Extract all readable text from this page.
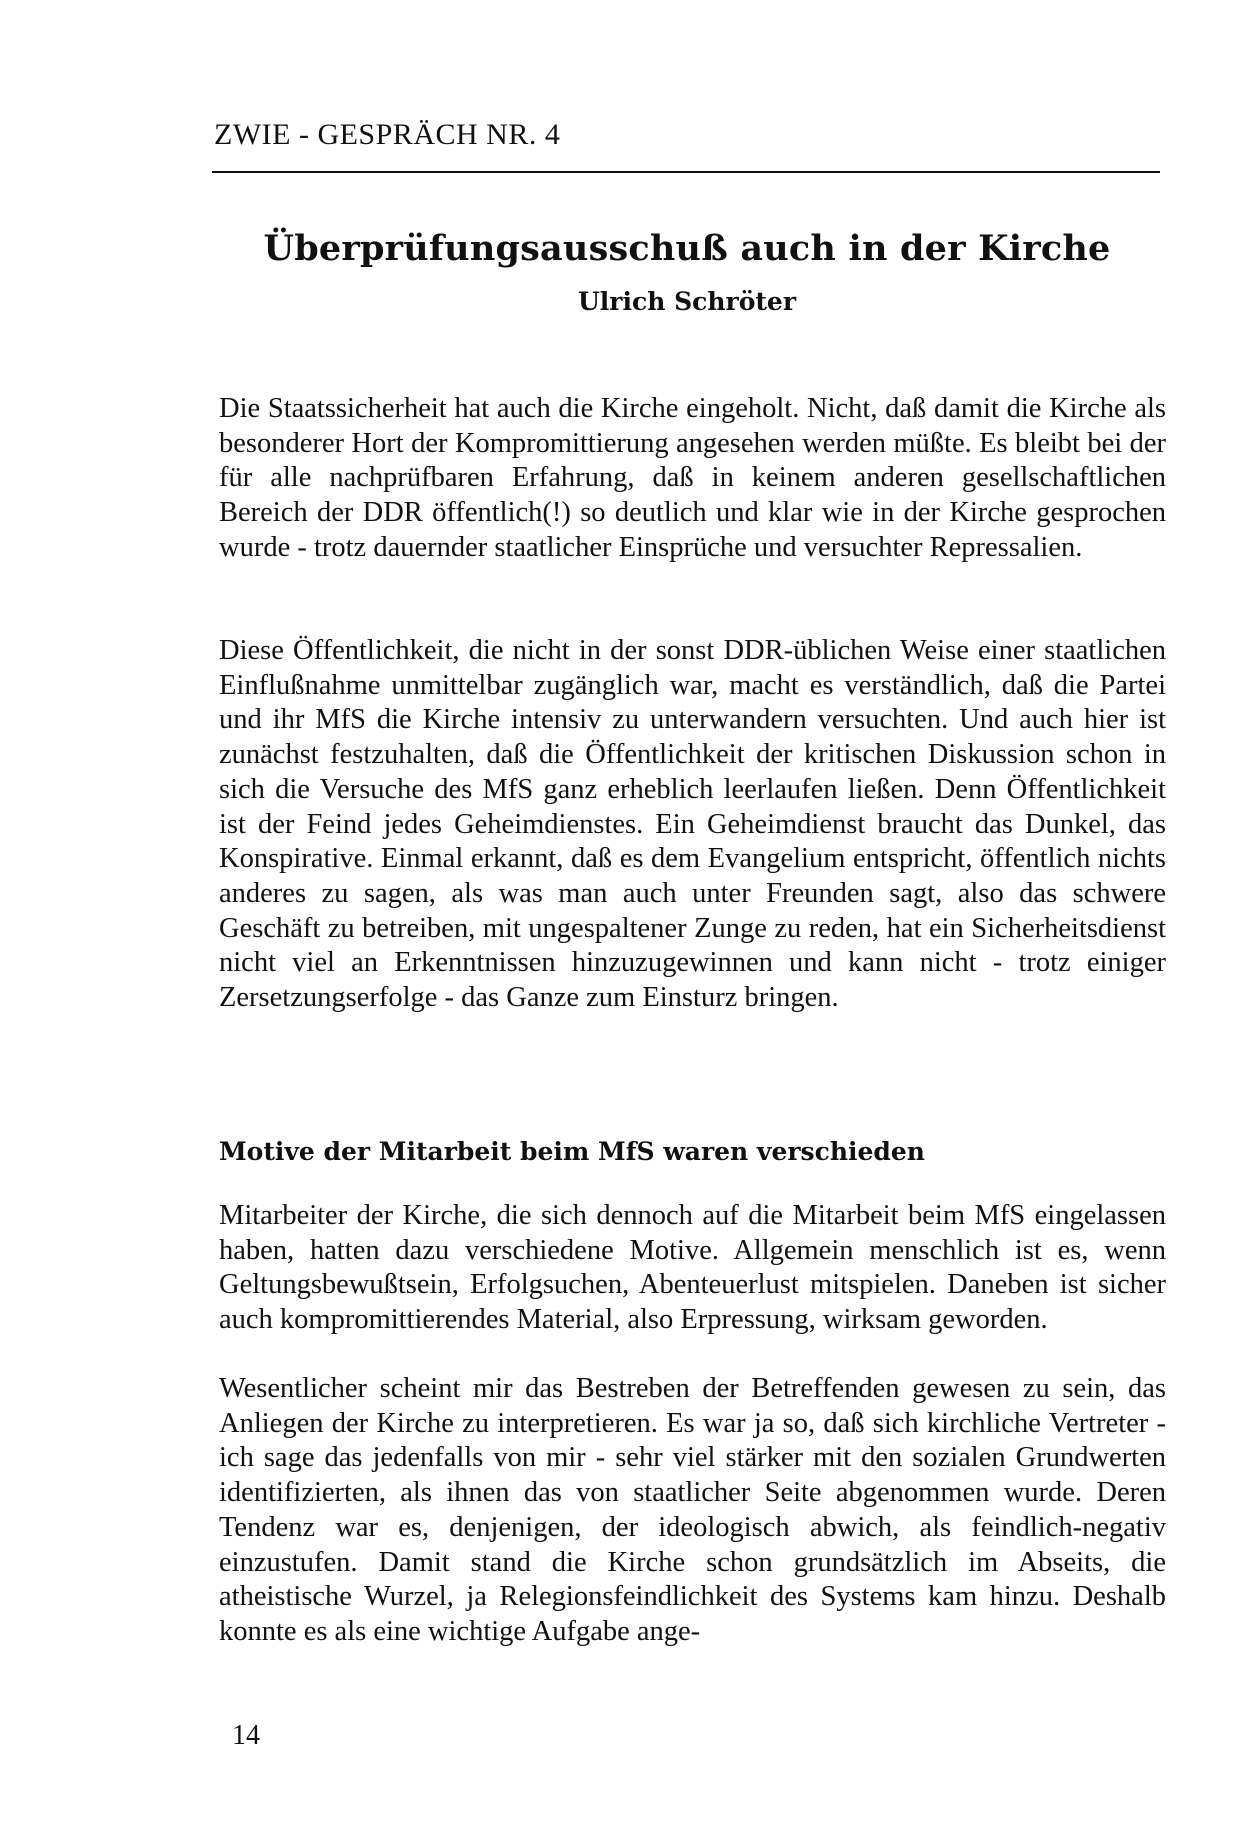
ZWIE - GESPRÄCH NR. 4
Überprüfungsausschuß auch in der Kirche
Ulrich Schröter

Die Staatssicherheit hat auch die Kirche eingeholt. Nicht, daß damit die Kirche als besonderer Hort der Kompromittierung angesehen werden müßte. Es bleibt bei der für alle nachprüfbaren Erfahrung, daß in keinem anderen gesellschaftlichen Bereich der DDR öffentlich(!) so deutlich und klar wie in der Kirche gesprochen wurde - trotz dauernder staatlicher Einsprüche und versuchter Repressalien.

Diese Öffentlichkeit, die nicht in der sonst DDR-üblichen Weise einer staatlichen Einflußnahme unmittelbar zugänglich war, macht es verständlich, daß die Partei und ihr MfS die Kirche intensiv zu unterwandern versuchten. Und auch hier ist zunächst festzuhalten, daß die Öffentlichkeit der kritischen Diskussion schon in sich die Versuche des MfS ganz erheblich leerlaufen ließen. Denn Öffentlichkeit ist der Feind jedes Geheimdienstes. Ein Geheimdienst braucht das Dunkel, das Konspirative. Einmal erkannt, daß es dem Evangelium entspricht, öffentlich nichts anderes zu sagen, als was man auch unter Freunden sagt, also das schwere Geschäft zu betreiben, mit ungespaltener Zunge zu reden, hat ein Sicherheitsdienst nicht viel an Erkenntnissen hinzuzugewinnen und kann nicht - trotz einiger Zersetzungserfolge - das Ganze zum Einsturz bringen.

Motive der Mitarbeit beim MfS waren verschieden

Mitarbeiter der Kirche, die sich dennoch auf die Mitarbeit beim MfS eingelassen haben, hatten dazu verschiedene Motive. Allgemein menschlich ist es, wenn Geltungsbewußtsein, Erfolgsuchen, Abenteuerlust mitspielen. Daneben ist sicher auch kompromittierendes Material, also Erpressung, wirksam geworden.

Wesentlicher scheint mir das Bestreben der Betreffenden gewesen zu sein, das Anliegen der Kirche zu interpretieren. Es war ja so, daß sich kirchliche Vertreter - ich sage das jedenfalls von mir - sehr viel stärker mit den sozialen Grundwerten identifizierten, als ihnen das von staatlicher Seite abgenommen wurde. Deren Tendenz war es, denjenigen, der ideologisch abwich, als feindlich-negativ einzustufen. Damit stand die Kirche schon grundsätzlich im Abseits, die atheistische Wurzel, ja Relegionsfeindlichkeit des Systems kam hinzu. Deshalb konnte es als eine wichtige Aufgabe ange-

14
